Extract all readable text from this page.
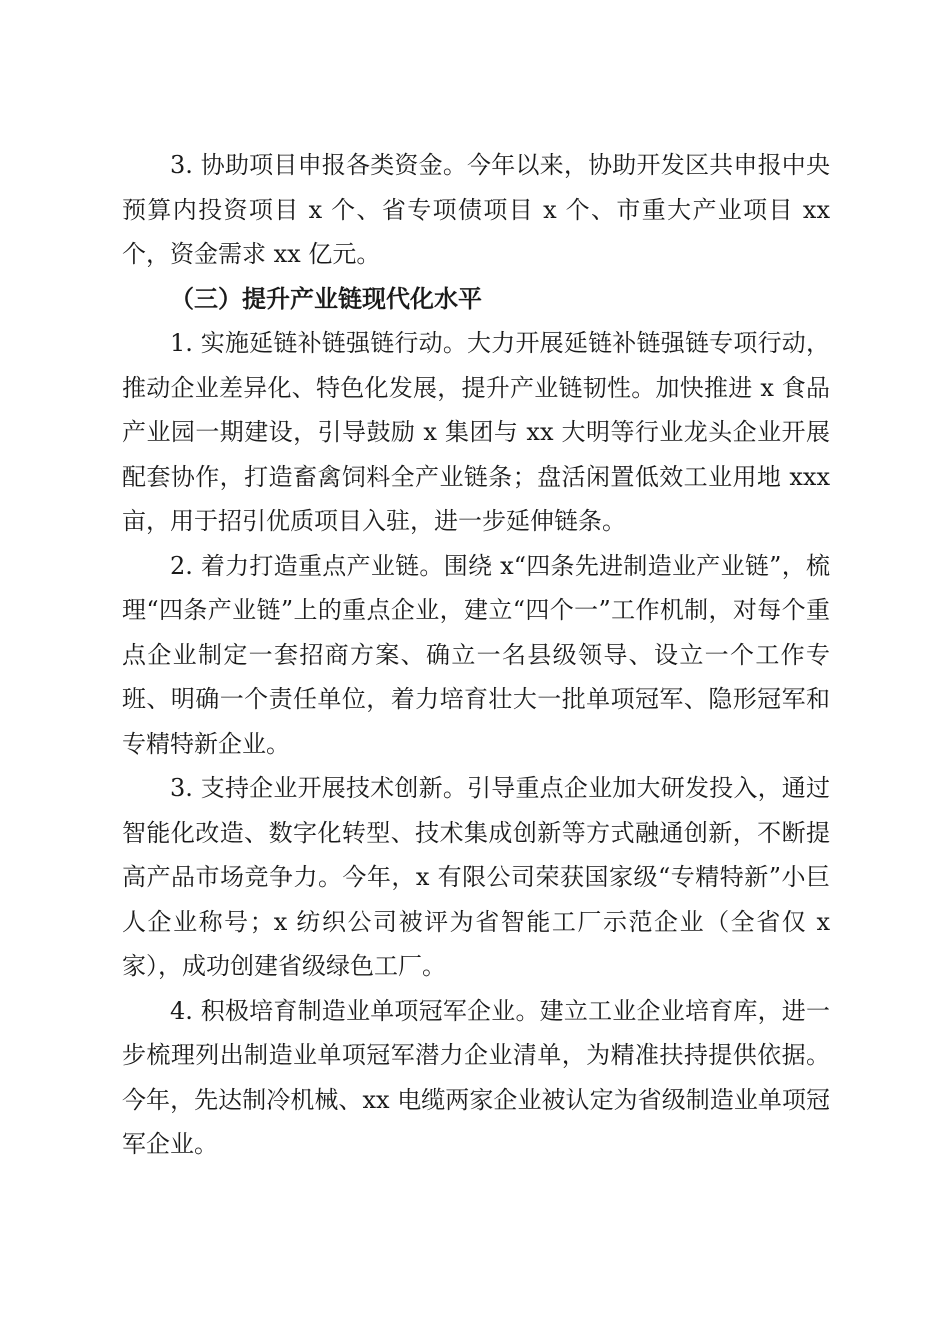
3. 协助项目申报各类资金。今年以来，协助开发区共申报中央预算内投资项目 x 个、省专项债项目 x 个、市重大产业项目 xx 个，资金需求 xx 亿元。

（三）提升产业链现代化水平

1. 实施延链补链强链行动。大力开展延链补链强链专项行动，推动企业差异化、特色化发展，提升产业链韧性。加快推进 x 食品产业园一期建设，引导鼓励 x 集团与 xx 大明等行业龙头企业开展配套协作，打造畜禽饲料全产业链条；盘活闲置低效工业用地 xxx 亩，用于招引优质项目入驻，进一步延伸链条。

2. 着力打造重点产业链。围绕 x“四条先进制造业产业链”，梳理“四条产业链”上的重点企业，建立“四个一”工作机制，对每个重点企业制定一套招商方案、确立一名县级领导、设立一个工作专班、明确一个责任单位，着力培育壮大一批单项冠军、隐形冠军和专精特新企业。

3. 支持企业开展技术创新。引导重点企业加大研发投入，通过智能化改造、数字化转型、技术集成创新等方式融通创新，不断提高产品市场竞争力。今年，x 有限公司荣获国家级“专精特新”小巨人企业称号；x 纺织公司被评为省智能工厂示范企业（全省仅 x 家），成功创建省级绿色工厂。

4. 积极培育制造业单项冠军企业。建立工业企业培育库，进一步梳理列出制造业单项冠军潜力企业清单，为精准扶持提供依据。今年，先达制冷机械、xx 电缆两家企业被认定为省级制造业单项冠军企业。
